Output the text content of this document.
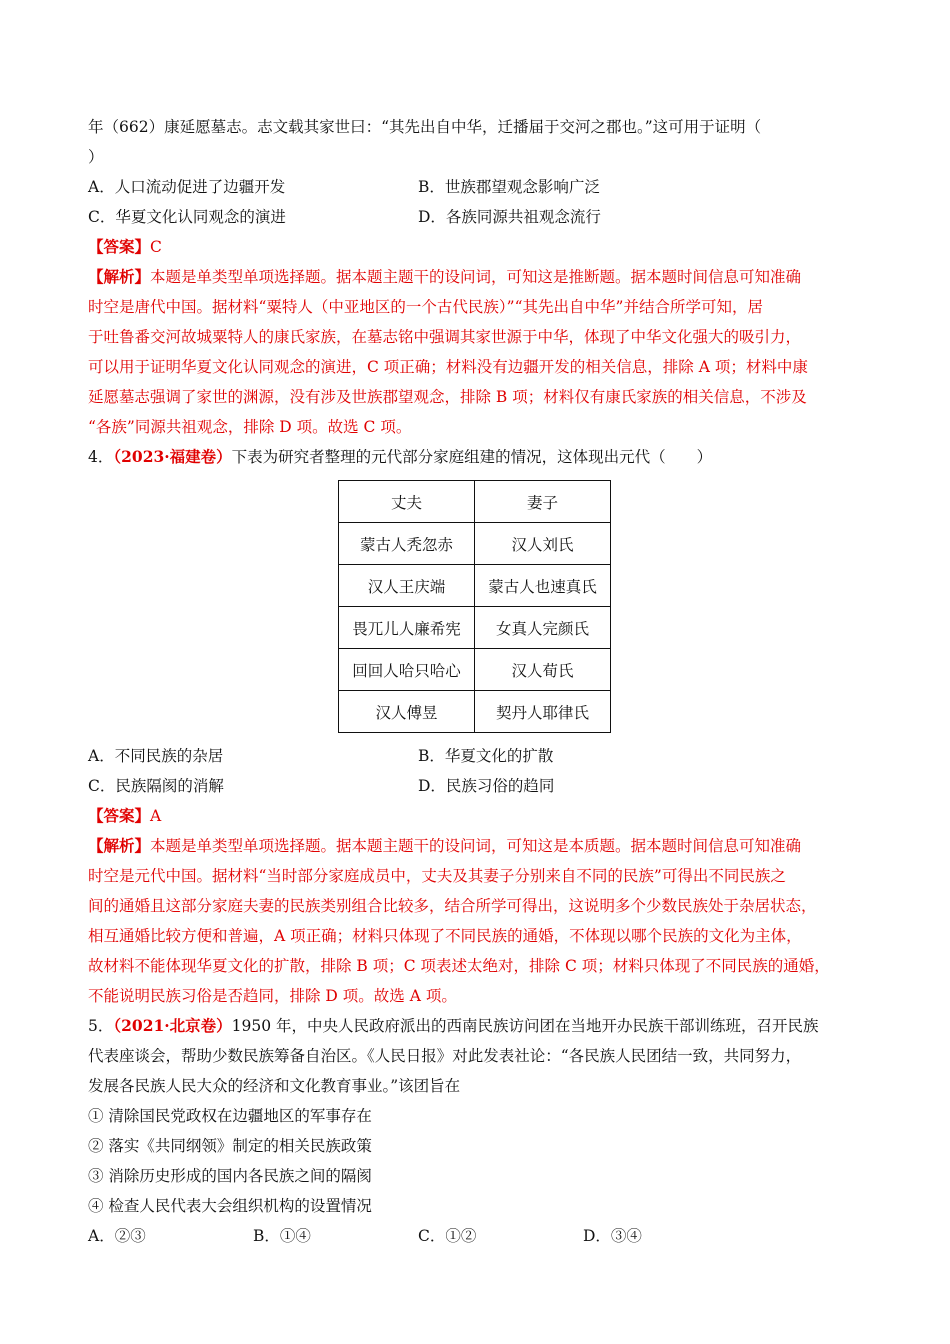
年（662）康延愿墓志。志文载其家世曰：“其先出自中华，迁播届于交河之郡也。”这可用于证明（
）
A．人口流动促进了边疆开发	B．世族郡望观念影响广泛
C．华夏文化认同观念的演进	D．各族同源共祖观念流行
【答案】C
【解析】本题是单类型单项选择题。据本题主题干的设问词，可知这是推断题。据本题时间信息可知准确
时空是唐代中国。据材料“粟特人（中亚地区的一个古代民族）”“其先出自中华”并结合所学可知，居
于吐鲁番交河故城粟特人的康氏家族，在墓志铭中强调其家世源于中华，体现了中华文化强大的吸引力，
可以用于证明华夏文化认同观念的演进，C 项正确；材料没有边疆开发的相关信息，排除 A 项；材料中康
延愿墓志强调了家世的渊源，没有涉及世族郡望观念，排除 B 项；材料仅有康氏家族的相关信息，不涉及
“各族”同源共祖观念，排除 D 项。故选 C 项。
4．（2023·福建卷）下表为研究者整理的元代部分家庭组建的情况，这体现出元代（　　）
丈夫	妻子
蒙古人秃忽赤	汉人刘氏
汉人王庆端	蒙古人也速真氏
畏兀儿人廉希宪	女真人完颜氏
回回人哈只哈心	汉人荀氏
汉人傅昱	契丹人耶律氏
A．不同民族的杂居	B．华夏文化的扩散
C．民族隔阂的消解	D．民族习俗的趋同
【答案】A
【解析】本题是单类型单项选择题。据本题主题干的设问词，可知这是本质题。据本题时间信息可知准确
时空是元代中国。据材料“当时部分家庭成员中，丈夫及其妻子分别来自不同的民族”可得出不同民族之
间的通婚且这部分家庭夫妻的民族类别组合比较多，结合所学可得出，这说明多个少数民族处于杂居状态，
相互通婚比较方便和普遍，A 项正确；材料只体现了不同民族的通婚，不体现以哪个民族的文化为主体，
故材料不能体现华夏文化的扩散，排除 B 项；C 项表述太绝对，排除 C 项；材料只体现了不同民族的通婚，
不能说明民族习俗是否趋同，排除 D 项。故选 A 项。
5．（2021·北京卷）1950 年，中央人民政府派出的西南民族访问团在当地开办民族干部训练班，召开民族
代表座谈会，帮助少数民族筹备自治区。《人民日报》对此发表社论：“各民族人民团结一致，共同努力，
发展各民族人民大众的经济和文化教育事业。”该团旨在
① 清除国民党政权在边疆地区的军事存在
② 落实《共同纲领》制定的相关民族政策
③ 消除历史形成的国内各民族之间的隔阂
④ 检查人民代表大会组织机构的设置情况
A．②③	B．①④	C．①②	D．③④
